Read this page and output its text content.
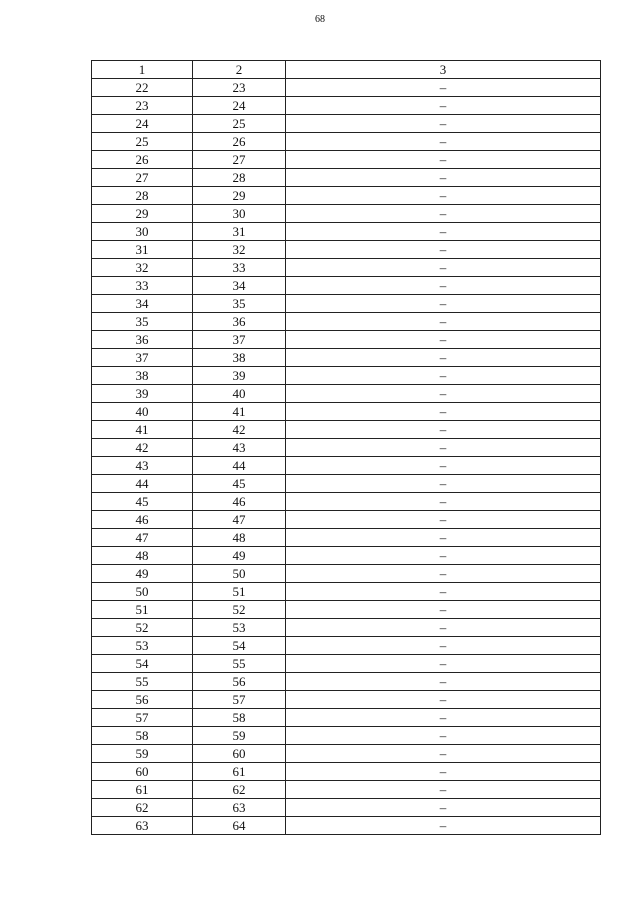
68
1	2	3
22	23	–
23	24	–
24	25	–
25	26	–
26	27	–
27	28	–
28	29	–
29	30	–
30	31	–
31	32	–
32	33	–
33	34	–
34	35	–
35	36	–
36	37	–
37	38	–
38	39	–
39	40	–
40	41	–
41	42	–
42	43	–
43	44	–
44	45	–
45	46	–
46	47	–
47	48	–
48	49	–
49	50	–
50	51	–
51	52	–
52	53	–
53	54	–
54	55	–
55	56	–
56	57	–
57	58	–
58	59	–
59	60	–
60	61	–
61	62	–
62	63	–
63	64	–
